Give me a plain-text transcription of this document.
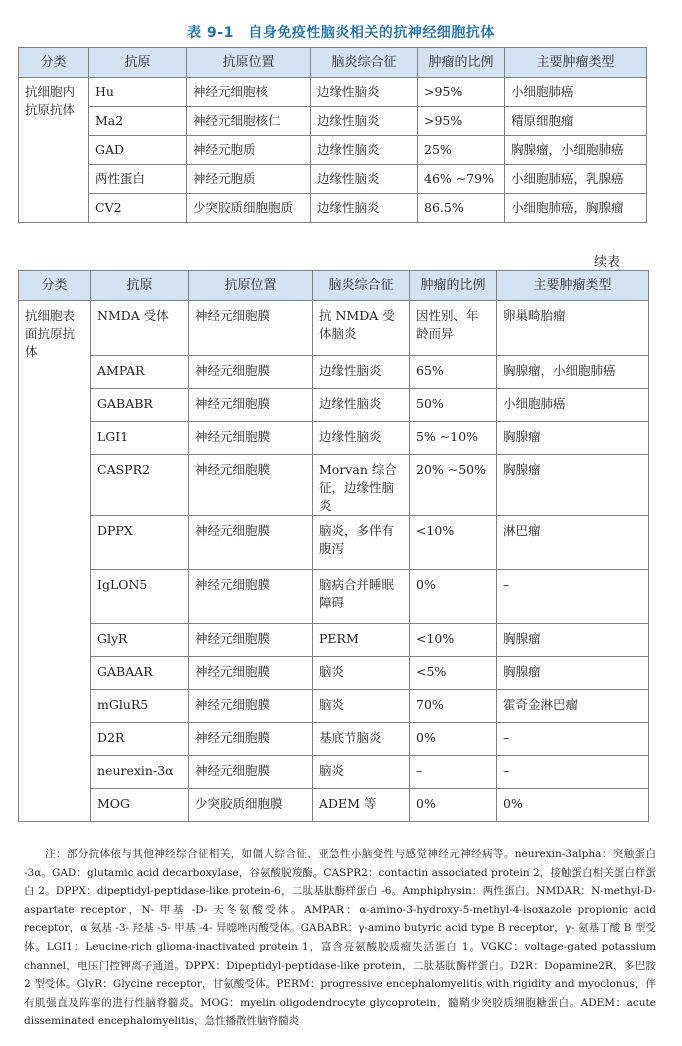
表 9-1　自身免疫性脑炎相关的抗神经细胞抗体
分类	抗原	抗原位置	脑炎综合征	肿瘤的比例	主要肿瘤类型
抗细胞内抗原抗体	Hu	神经元细胞核	边缘性脑炎	>95%	小细胞肺癌
	Ma2	神经元细胞核仁	边缘性脑炎	>95%	精原细胞瘤
	GAD	神经元胞质	边缘性脑炎	25%	胸腺瘤，小细胞肺癌
	两性蛋白	神经元胞质	边缘性脑炎	46% ~79%	小细胞肺癌，乳腺癌
	CV2	少突胶质细胞胞质	边缘性脑炎	86.5%	小细胞肺癌，胸腺瘤
续表
分类	抗原	抗原位置	脑炎综合征	肿瘤的比例	主要肿瘤类型
抗细胞表面抗原抗体	NMDA 受体	神经元细胞膜	抗 NMDA 受体脑炎	因性别、年龄而异	卵巢畸胎瘤
	AMPAR	神经元细胞膜	边缘性脑炎	65%	胸腺瘤，小细胞肺癌
	GABABR	神经元细胞膜	边缘性脑炎	50%	小细胞肺癌
	LGI1	神经元细胞膜	边缘性脑炎	5% ~10%	胸腺瘤
	CASPR2	神经元细胞膜	Morvan 综合征，边缘性脑炎	20% ~50%	胸腺瘤
	DPPX	神经元细胞膜	脑炎，多伴有腹泻	<10%	淋巴瘤
	IgLON5	神经元细胞膜	脑病合并睡眠障碍	0%	–
	GlyR	神经元细胞膜	PERM	<10%	胸腺瘤
	GABAAR	神经元细胞膜	脑炎	<5%	胸腺瘤
	mGluR5	神经元细胞膜	脑炎	70%	霍奇金淋巴瘤
	D2R	神经元细胞膜	基底节脑炎	0%	–
	neurexin-3α	神经元细胞膜	脑炎	–	–
	MOG	少突胶质细胞膜	ADEM 等	0%	0%
注：部分抗体依与其他神经综合征相关，如僵人综合征、亚急性小脑变性与感觉神经元神经病等。neurexin-3alpha：突触蛋白 -3α。GAD：glutamic acid decarboxylase，谷氨酸脱羧酶。CASPR2：contactin associated protein 2，接触蛋白相关蛋白样蛋白 2。DPPX：dipeptidyl-peptidase-like protein-6，二肽基肽酶样蛋白 -6。Amphiphysin：两性蛋白。NMDAR：N-methyl-D-aspartate receptor，N- 甲基 -D- 天冬氨酸受体。AMPAR：α-amino-3-hydroxy-5-methyl-4-isoxazole propionic acid receptor，α 氨基 -3- 羟基 -5- 甲基 -4- 异噁唑丙酸受体。GABABR：γ-amino butyric acid type B receptor，γ- 氨基丁酸 B 型受体。LGI1：Leucine-rich glioma-inactivated protein 1，富含亮氨酸胶质瘤失活蛋白 1。VGKC：voltage-gated potassium channel，电压门控钾离子通道。DPPX：Dipeptidyl-peptidase-like protein，二肽基肽酶样蛋白。D2R：Dopamine2R，多巴胺 2 型受体。GlyR：Glycine receptor，甘氨酸受体。PERM：progressive encephalomyelitis with rigidity and myoclonus，伴有肌强直及阵挛的进行性脑脊髓炎。MOG：myelin oligodendrocyte glycoprotein，髓鞘少突胶质细胞糖蛋白。ADEM：acute disseminated encephalomyelitis，急性播散性脑脊髓炎
